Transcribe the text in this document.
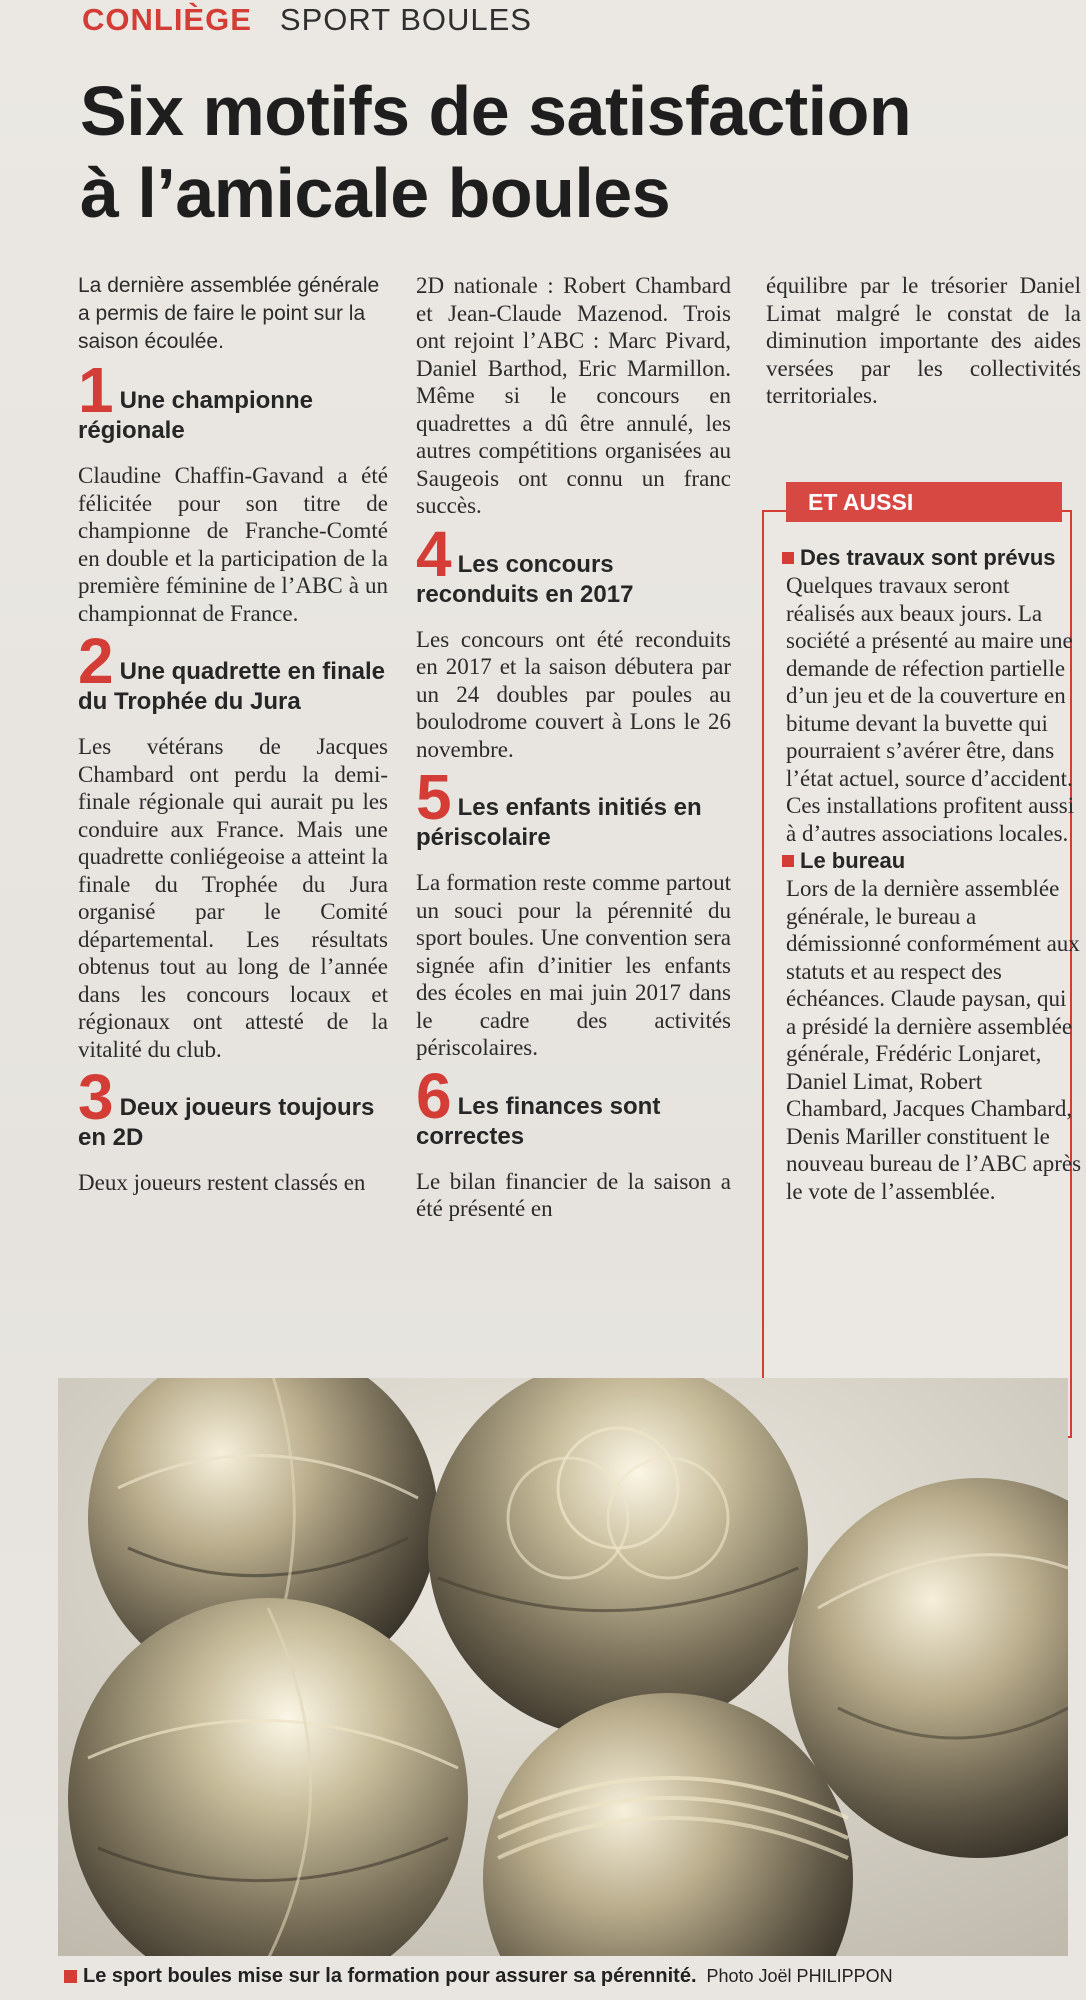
CONLIÈGE SPORT BOULES
Six motifs de satisfaction
à l’amicale boules

La dernière assemblée générale a permis de faire le point sur la saison écoulée.

1 Une championne régionale

Claudine Chaffin-Gavand a été félicitée pour son titre de championne de Franche-Comté en double et la participation de la première féminine de l’ABC à un championnat de France.

2 Une quadrette en finale du Trophée du Jura

Les vétérans de Jacques Chambard ont perdu la demi-finale régionale qui aurait pu les conduire aux France. Mais une quadrette conliégeoise a atteint la finale du Trophée du Jura organisé par le Comité départemental. Les résultats obtenus tout au long de l’année dans les concours locaux et régionaux ont attesté de la vitalité du club.

3 Deux joueurs toujours en 2D

Deux joueurs restent classés en

2D nationale : Robert Chambard et Jean-Claude Mazenod. Trois ont rejoint l’ABC : Marc Pivard, Daniel Barthod, Eric Marmillon. Même si le concours en quadrettes a dû être annulé, les autres compétitions organisées au Saugeois ont connu un franc succès.

4 Les concours reconduits en 2017

Les concours ont été reconduits en 2017 et la saison débutera par un 24 doubles par poules au boulodrome couvert à Lons le 26 novembre.

5 Les enfants initiés en périscolaire

La formation reste comme partout un souci pour la pérennité du sport boules. Une convention sera signée afin d’initier les enfants des écoles en mai juin 2017 dans le cadre des activités périscolaires.

6 Les finances sont correctes

Le bilan financier de la saison a été présenté en

équilibre par le trésorier Daniel Limat malgré le constat de la diminution importante des aides versées par les collectivités territoriales.

ET AUSSI
Des travaux sont prévus

Quelques travaux seront réalisés aux beaux jours. La société a présenté au maire une demande de réfection partielle d’un jeu et de la couverture en bitume devant la buvette qui pourraient s’avérer être, dans l’état actuel, source d’accident. Ces installations profitent aussi à d’autres associations locales.

Le bureau

Lors de la dernière assemblée générale, le bureau a démissionné conformément aux statuts et au respect des échéances. Claude paysan, qui a présidé la dernière assemblée générale, Frédéric Lonjaret, Daniel Limat, Robert Chambard, Jacques Chambard, Denis Mariller constituent le nouveau bureau de l’ABC après le vote de l’assemblée.

Le sport boules mise sur la formation pour assurer sa pérennité. Photo Joël PHILIPPON
